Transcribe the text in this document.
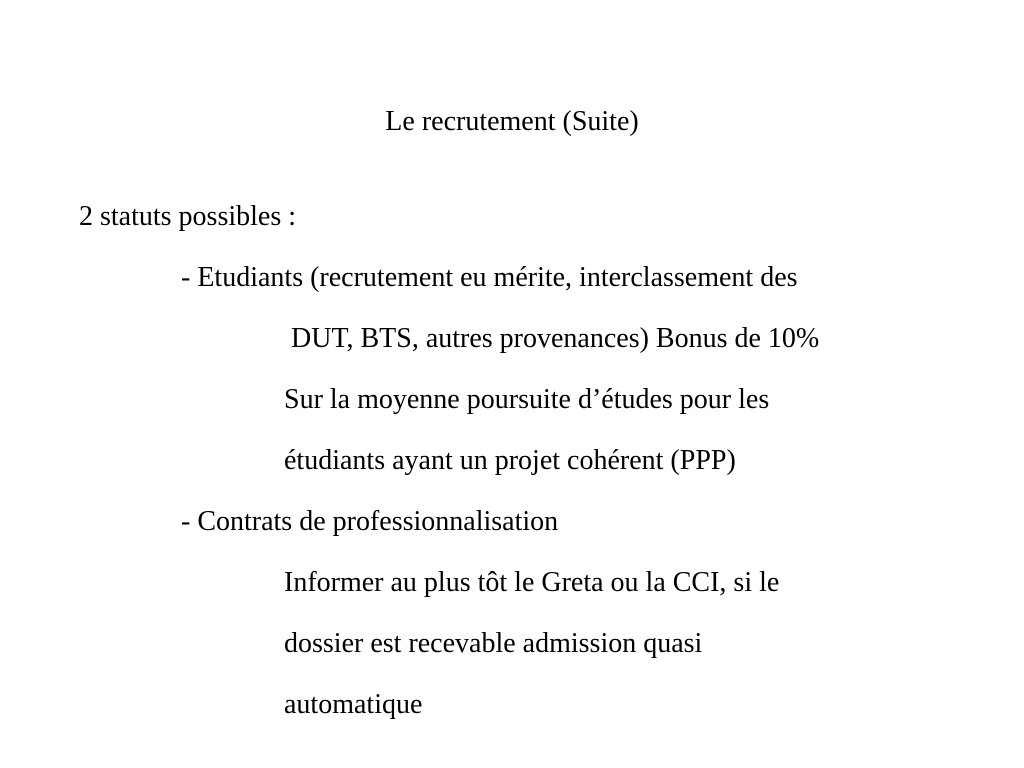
Le recrutement (Suite)
2 statuts possibles :
- Etudiants (recrutement eu mérite, interclassement des
DUT, BTS, autres provenances) Bonus de 10%
Sur la moyenne poursuite d’études pour les
étudiants ayant un projet cohérent (PPP)
- Contrats de professionnalisation
Informer au plus tôt le Greta ou la CCI, si le
dossier est recevable admission quasi
automatique
